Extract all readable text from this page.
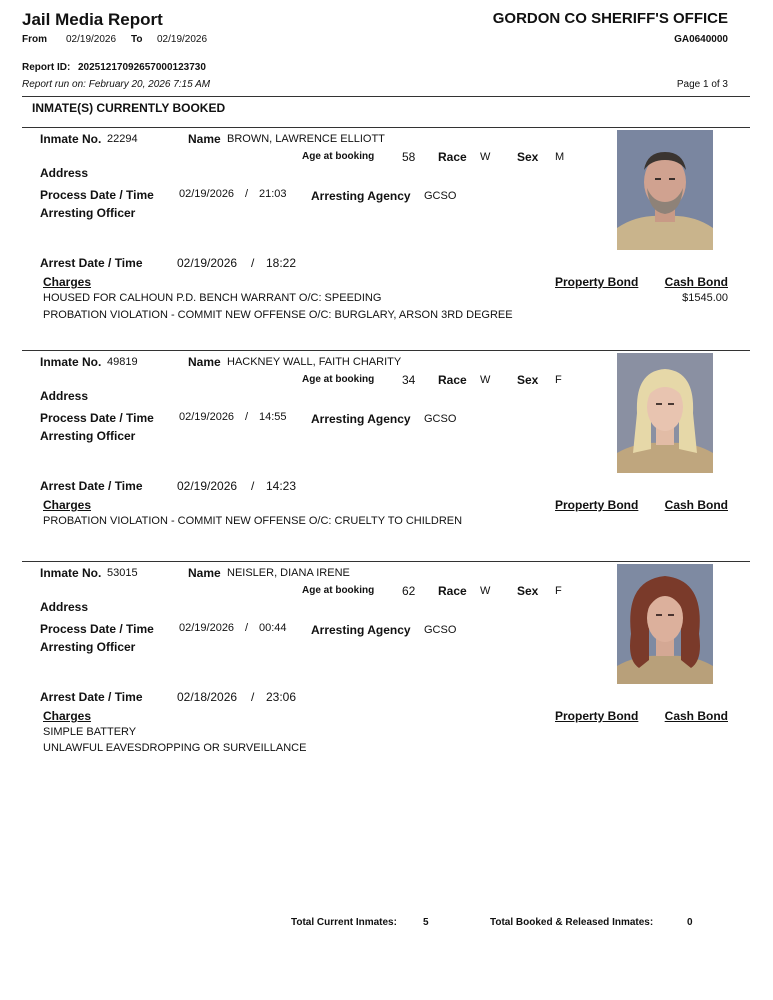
Jail Media Report	GORDON CO SHERIFF'S OFFICE
From 02/19/2026 To 02/19/2026	GA0640000
Report ID: 20251217092657000123730
Report run on: February 20, 2026 7:15 AM	Page 1 of 3
INMATE(S) CURRENTLY BOOKED
Inmate No. 22294	Name BROWN, LAWRENCE ELLIOTT
Age at booking 58 Race W Sex M
Address
Process Date / Time 02/19/2026 / 21:03 Arresting Agency GCSO
Arresting Officer
Arrest Date / Time	02/19/2026 / 18:22
Charges	Property Bond Cash Bond
HOUSED FOR CALHOUN P.D. BENCH WARRANT O/C: SPEEDING	$1545.00
PROBATION VIOLATION - COMMIT NEW OFFENSE O/C: BURGLARY, ARSON 3RD DEGREE
Inmate No. 49819	Name HACKNEY WALL, FAITH CHARITY
Age at booking 34 Race W Sex F
Address
Process Date / Time 02/19/2026 / 14:55 Arresting Agency GCSO
Arresting Officer
Arrest Date / Time	02/19/2026 / 14:23
Charges	Property Bond Cash Bond
PROBATION VIOLATION - COMMIT NEW OFFENSE O/C: CRUELTY TO CHILDREN
Inmate No. 53015	Name NEISLER, DIANA IRENE
Age at booking 62 Race W Sex F
Address
Process Date / Time 02/19/2026 / 00:44 Arresting Agency GCSO
Arresting Officer
Arrest Date / Time	02/18/2026 / 23:06
Charges	Property Bond Cash Bond
SIMPLE BATTERY
UNLAWFUL EAVESDROPPING OR SURVEILLANCE
Total Current Inmates:	5	Total Booked & Released Inmates:	0
